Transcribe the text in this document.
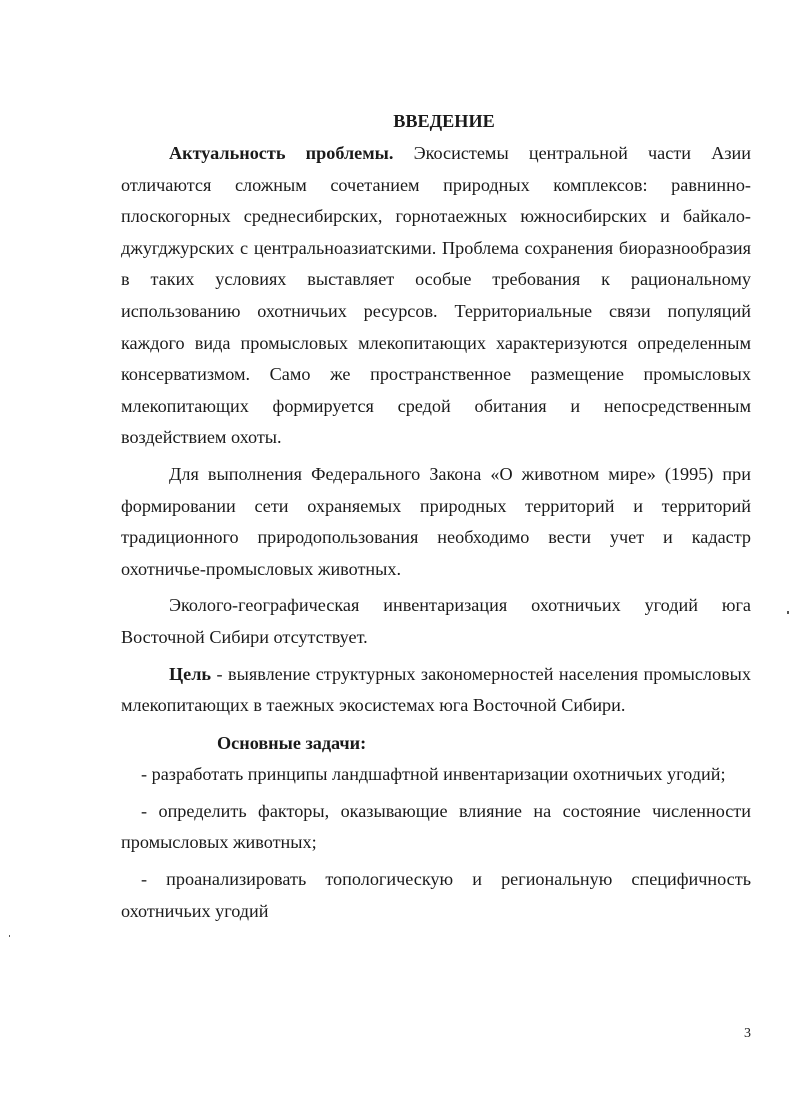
ВВЕДЕНИЕ

Актуальность проблемы. Экосистемы центральной части Азии отличаются сложным сочетанием природных комплексов: равнинно-плоскогорных среднесибирских, горнотаежных южносибирских и байкало-джугджурских с центральноазиатскими. Проблема сохранения биоразнообразия в таких условиях выставляет особые требования к рациональному использованию охотничьих ресурсов. Территориальные связи популяций каждого вида промысловых млекопитающих характеризуются определенным консерватизмом. Само же пространственное размещение промысловых млекопитающих формируется средой обитания и непосредственным воздействием охоты.

Для выполнения Федерального Закона «О животном мире» (1995) при формировании сети охраняемых природных территорий и территорий традиционного природопользования необходимо вести учет и кадастр охотничье-промысловых животных.

Эколого-географическая инвентаризация охотничьих угодий юга Восточной Сибири отсутствует.

Цель - выявление структурных закономерностей населения промысловых млекопитающих в таежных экосистемах юга Восточной Сибири.

Основные задачи:

- разработать принципы ландшафтной инвентаризации охотничьих угодий;

- определить факторы, оказывающие влияние на состояние численности промысловых животных;

- проанализировать топологическую и региональную специфичность охотничьих угодий

3
